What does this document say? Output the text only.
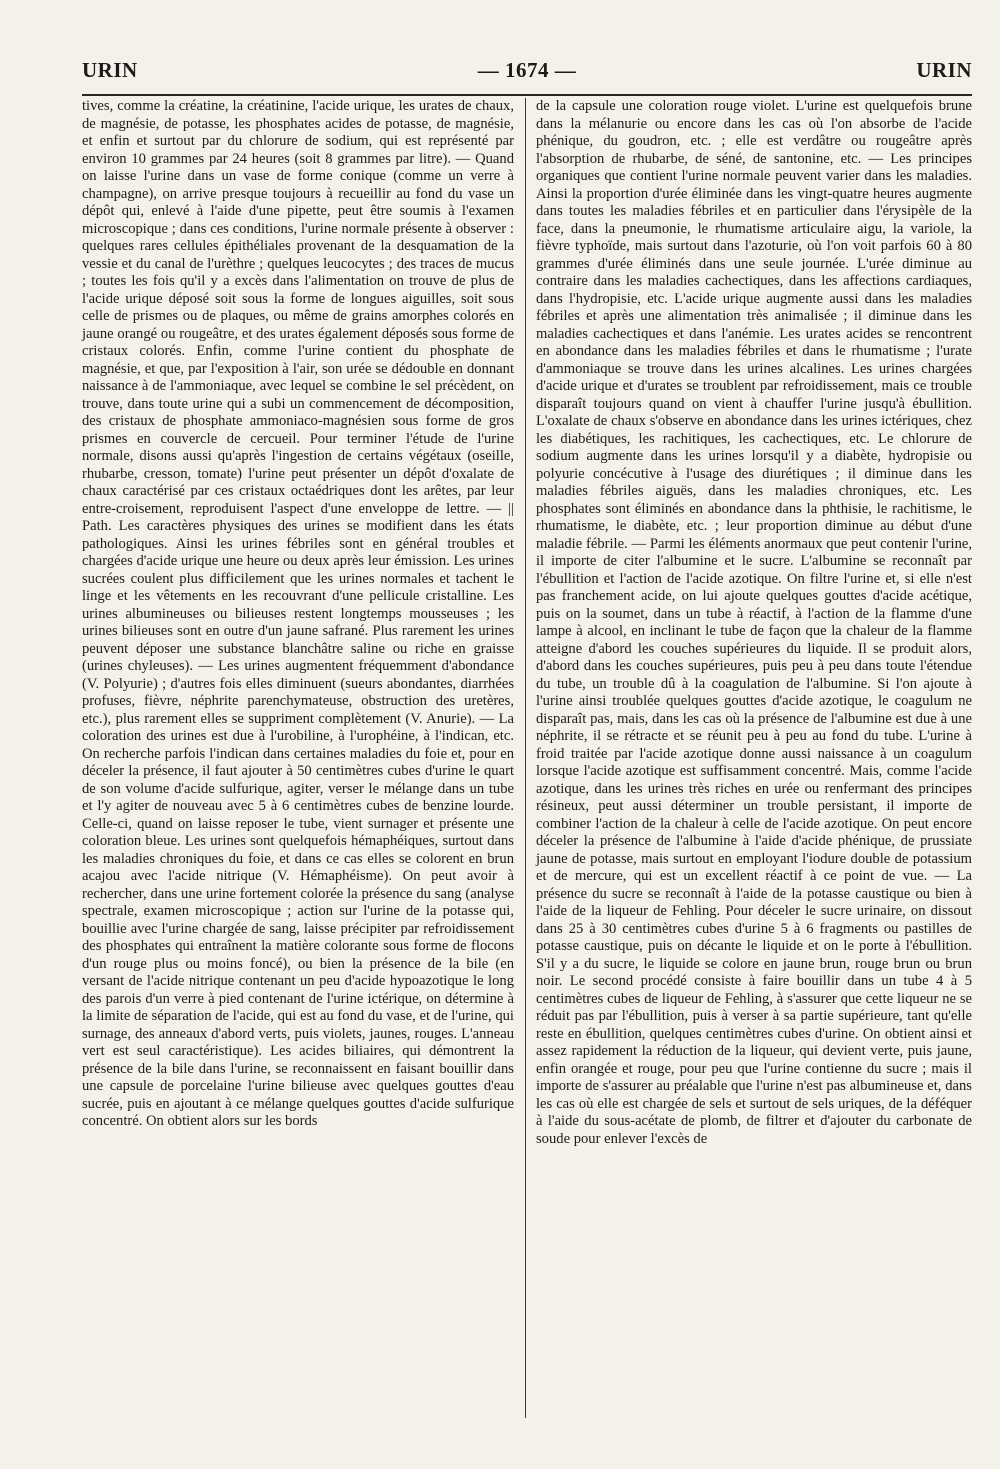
URIN	— 1674 —	URIN

tives, comme la créatine, la créatinine, l'acide urique, les urates de chaux, de magnésie, de potasse, les phosphates acides de potasse, de magnésie, et enfin et surtout par du chlorure de sodium, qui est représenté par environ 10 grammes par 24 heures (soit 8 grammes par litre). — Quand on laisse l'urine dans un vase de forme conique (comme un verre à champagne), on arrive presque toujours à recueillir au fond du vase un dépôt qui, enlevé à l'aide d'une pipette, peut être soumis à l'examen microscopique ; dans ces conditions, l'urine normale présente à observer : quelques rares cellules épithéliales provenant de la desquamation de la vessie et du canal de l'urèthre ; quelques leucocytes ; des traces de mucus ; toutes les fois qu'il y a excès dans l'alimentation on trouve de plus de l'acide urique déposé soit sous la forme de longues aiguilles, soit sous celle de prismes ou de plaques, ou même de grains amorphes colorés en jaune orangé ou rougeâtre, et des urates également déposés sous forme de cristaux colorés. Enfin, comme l'urine contient du phosphate de magnésie, et que, par l'exposition à l'air, son urée se dédouble en donnant naissance à de l'ammoniaque, avec lequel se combine le sel précèdent, on trouve, dans toute urine qui a subi un commencement de décomposition, des cristaux de phosphate ammoniaco-magnésien sous forme de gros prismes en couvercle de cercueil. Pour terminer l'étude de l'urine normale, disons aussi qu'après l'ingestion de certains végétaux (oseille, rhubarbe, cresson, tomate) l'urine peut présenter un dépôt d'oxalate de chaux caractérisé par ces cristaux octaédriques dont les arêtes, par leur entre-croisement, reproduisent l'aspect d'une enveloppe de lettre. — || Path. Les caractères physiques des urines se modifient dans les états pathologiques. Ainsi les urines fébriles sont en général troubles et chargées d'acide urique une heure ou deux après leur émission. Les urines sucrées coulent plus difficilement que les urines normales et tachent le linge et les vêtements en les recouvrant d'une pellicule cristalline. Les urines albumineuses ou bilieuses restent longtemps mousseuses ; les urines bilieuses sont en outre d'un jaune safrané. Plus rarement les urines peuvent déposer une substance blanchâtre saline ou riche en graisse (urines chyleuses). — Les urines augmentent fréquemment d'abondance (V. Polyurie) ; d'autres fois elles diminuent (sueurs abondantes, diarrhées profuses, fièvre, néphrite parenchymateuse, obstruction des uretères, etc.), plus rarement elles se suppriment complètement (V. Anurie). — La coloration des urines est due à l'urobiline, à l'urophéine, à l'indican, etc. On recherche parfois l'indican dans certaines maladies du foie et, pour en déceler la présence, il faut ajouter à 50 centimètres cubes d'urine le quart de son volume d'acide sulfurique, agiter, verser le mélange dans un tube et l'y agiter de nouveau avec 5 à 6 centimètres cubes de benzine lourde. Celle-ci, quand on laisse reposer le tube, vient surnager et présente une coloration bleue. Les urines sont quelquefois hémaphéiques, surtout dans les maladies chroniques du foie, et dans ce cas elles se colorent en brun acajou avec l'acide nitrique (V. Hémaphéisme). On peut avoir à rechercher, dans une urine fortement colorée la présence du sang (analyse spectrale, examen microscopique ; action sur l'urine de la potasse qui, bouillie avec l'urine chargée de sang, laisse précipiter par refroidissement des phosphates qui entraînent la matière colorante sous forme de flocons d'un rouge plus ou moins foncé), ou bien la présence de la bile (en versant de l'acide nitrique contenant un peu d'acide hypoazotique le long des parois d'un verre à pied contenant de l'urine ictérique, on détermine à la limite de séparation de l'acide, qui est au fond du vase, et de l'urine, qui surnage, des anneaux d'abord verts, puis violets, jaunes, rouges. L'anneau vert est seul caractéristique). Les acides biliaires, qui démontrent la présence de la bile dans l'urine, se reconnaissent en faisant bouillir dans une capsule de porcelaine l'urine bilieuse avec quelques gouttes d'eau sucrée, puis en ajoutant à ce mélange quelques gouttes d'acide sulfurique concentré. On obtient alors sur les bords

de la capsule une coloration rouge violet. L'urine est quelquefois brune dans la mélanurie ou encore dans les cas où l'on absorbe de l'acide phénique, du goudron, etc. ; elle est verdâtre ou rougeâtre après l'absorption de rhubarbe, de séné, de santonine, etc. — Les principes organiques que contient l'urine normale peuvent varier dans les maladies. Ainsi la proportion d'urée éliminée dans les vingt-quatre heures augmente dans toutes les maladies fébriles et en particulier dans l'érysipèle de la face, dans la pneumonie, le rhumatisme articulaire aigu, la variole, la fièvre typhoïde, mais surtout dans l'azoturie, où l'on voit parfois 60 à 80 grammes d'urée éliminés dans une seule journée. L'urée diminue au contraire dans les maladies cachectiques, dans les affections cardiaques, dans l'hydropisie, etc. L'acide urique augmente aussi dans les maladies fébriles et après une alimentation très animalisée ; il diminue dans les maladies cachectiques et dans l'anémie. Les urates acides se rencontrent en abondance dans les maladies fébriles et dans le rhumatisme ; l'urate d'ammoniaque se trouve dans les urines alcalines. Les urines chargées d'acide urique et d'urates se troublent par refroidissement, mais ce trouble disparaît toujours quand on vient à chauffer l'urine jusqu'à ébullition. L'oxalate de chaux s'observe en abondance dans les urines ictériques, chez les diabétiques, les rachitiques, les cachectiques, etc. Le chlorure de sodium augmente dans les urines lorsqu'il y a diabète, hydropisie ou polyurie concécutive à l'usage des diurétiques ; il diminue dans les maladies fébriles aiguës, dans les maladies chroniques, etc. Les phosphates sont éliminés en abondance dans la phthisie, le rachitisme, le rhumatisme, le diabète, etc. ; leur proportion diminue au début d'une maladie fébrile. — Parmi les éléments anormaux que peut contenir l'urine, il importe de citer l'albumine et le sucre. L'albumine se reconnaît par l'ébullition et l'action de l'acide azotique. On filtre l'urine et, si elle n'est pas franchement acide, on lui ajoute quelques gouttes d'acide acétique, puis on la soumet, dans un tube à réactif, à l'action de la flamme d'une lampe à alcool, en inclinant le tube de façon que la chaleur de la flamme atteigne d'abord les couches supérieures du liquide. Il se produit alors, d'abord dans les couches supérieures, puis peu à peu dans toute l'étendue du tube, un trouble dû à la coagulation de l'albumine. Si l'on ajoute à l'urine ainsi troublée quelques gouttes d'acide azotique, le coagulum ne disparaît pas, mais, dans les cas où la présence de l'albumine est due à une néphrite, il se rétracte et se réunit peu à peu au fond du tube. L'urine à froid traitée par l'acide azotique donne aussi naissance à un coagulum lorsque l'acide azotique est suffisamment concentré. Mais, comme l'acide azotique, dans les urines très riches en urée ou renfermant des principes résineux, peut aussi déterminer un trouble persistant, il importe de combiner l'action de la chaleur à celle de l'acide azotique. On peut encore déceler la présence de l'albumine à l'aide d'acide phénique, de prussiate jaune de potasse, mais surtout en employant l'iodure double de potassium et de mercure, qui est un excellent réactif à ce point de vue. — La présence du sucre se reconnaît à l'aide de la potasse caustique ou bien à l'aide de la liqueur de Fehling. Pour déceler le sucre urinaire, on dissout dans 25 à 30 centimètres cubes d'urine 5 à 6 fragments ou pastilles de potasse caustique, puis on décante le liquide et on le porte à l'ébullition. S'il y a du sucre, le liquide se colore en jaune brun, rouge brun ou brun noir. Le second procédé consiste à faire bouillir dans un tube 4 à 5 centimètres cubes de liqueur de Fehling, à s'assurer que cette liqueur ne se réduit pas par l'ébullition, puis à verser à sa partie supérieure, tant qu'elle reste en ébullition, quelques centimètres cubes d'urine. On obtient ainsi et assez rapidement la réduction de la liqueur, qui devient verte, puis jaune, enfin orangée et rouge, pour peu que l'urine contienne du sucre ; mais il importe de s'assurer au préalable que l'urine n'est pas albumineuse et, dans les cas où elle est chargée de sels et surtout de sels uriques, de la déféquer à l'aide du sous-acétate de plomb, de filtrer et d'ajouter du carbonate de soude pour enlever l'excès de
